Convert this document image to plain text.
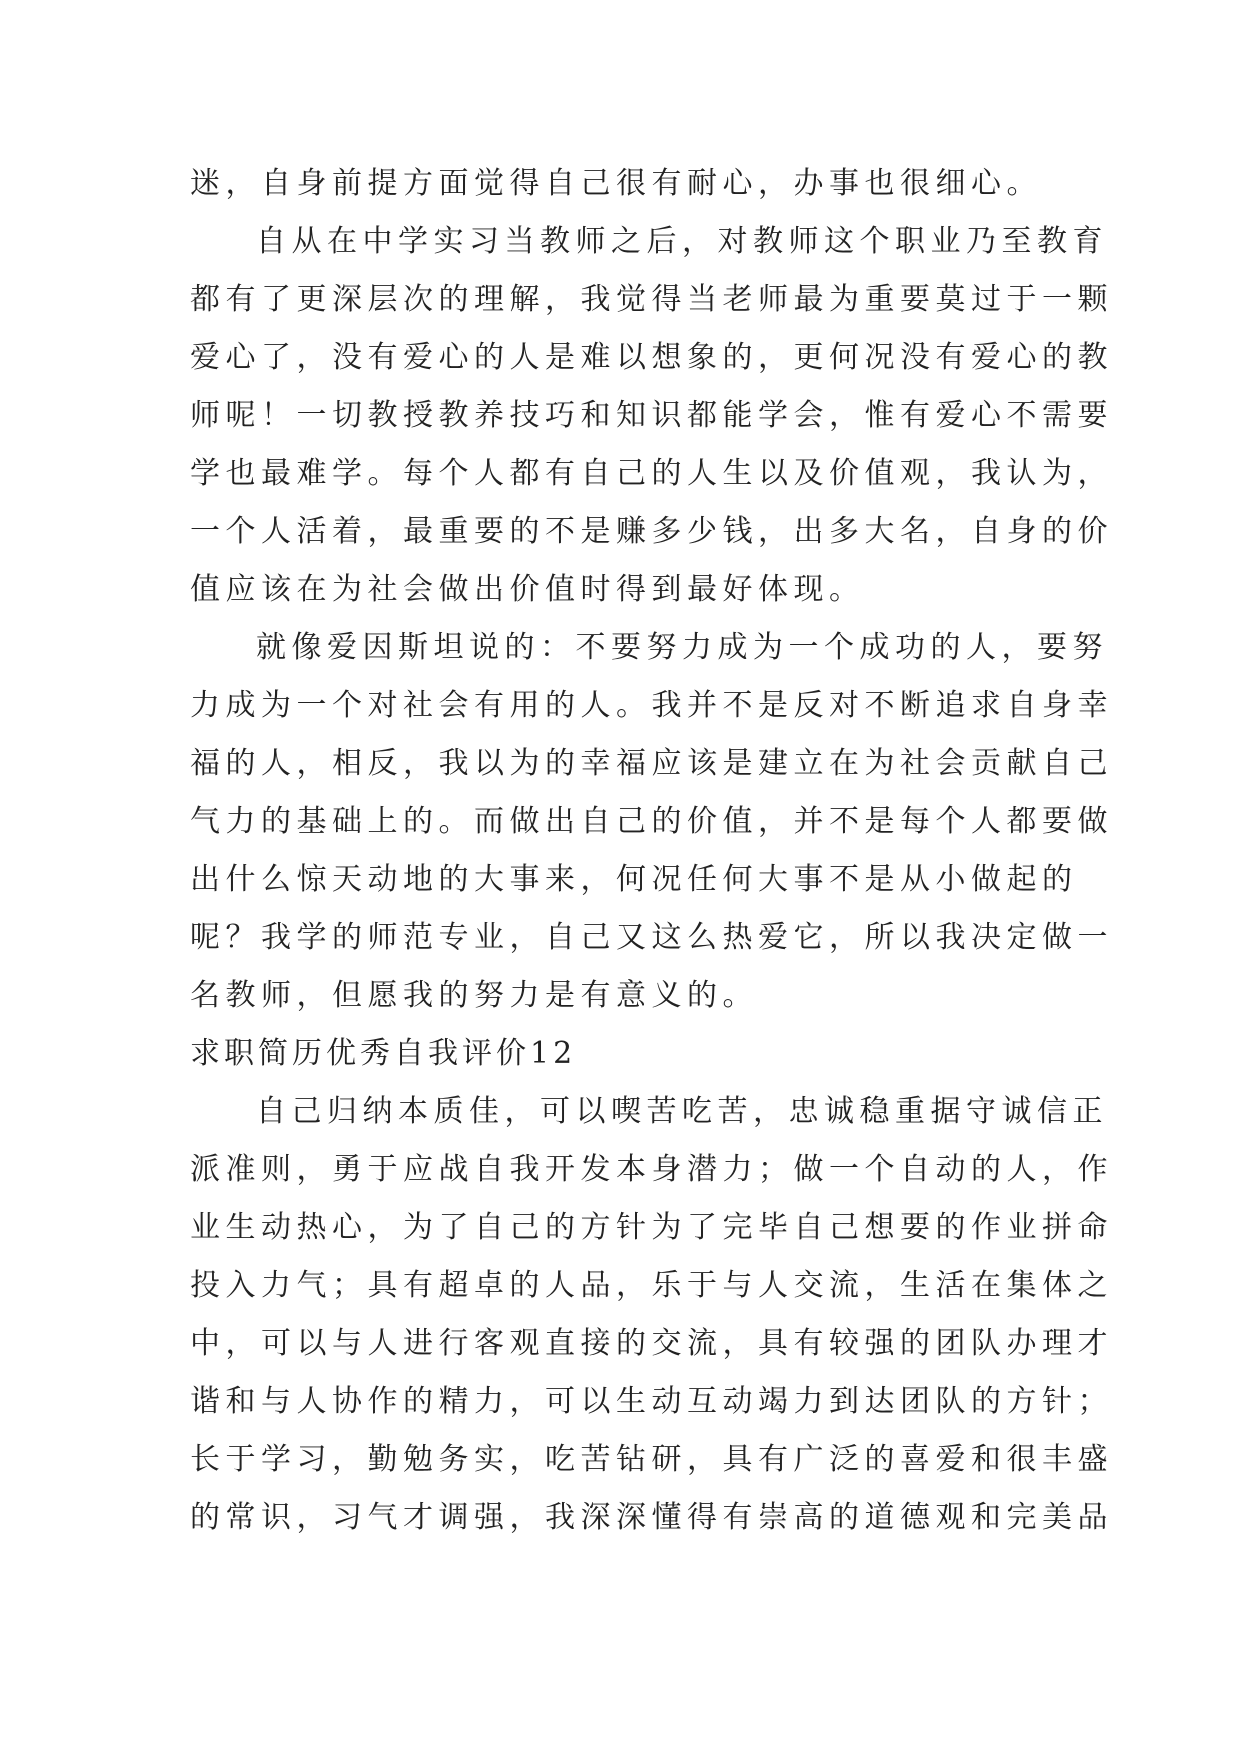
迷，自身前提方面觉得自己很有耐心，办事也很细心。
自从在中学实习当教师之后，对教师这个职业乃至教育
都有了更深层次的理解，我觉得当老师最为重要莫过于一颗
爱心了，没有爱心的人是难以想象的，更何况没有爱心的教
师呢！一切教授教养技巧和知识都能学会，惟有爱心不需要
学也最难学。每个人都有自己的人生以及价值观，我认为，
一个人活着，最重要的不是赚多少钱，出多大名，自身的价
值应该在为社会做出价值时得到最好体现。
就像爱因斯坦说的：不要努力成为一个成功的人，要努
力成为一个对社会有用的人。我并不是反对不断追求自身幸
福的人，相反，我以为的幸福应该是建立在为社会贡献自己
气力的基础上的。而做出自己的价值，并不是每个人都要做
出什么惊天动地的大事来，何况任何大事不是从小做起的
呢？我学的师范专业，自己又这么热爱它，所以我决定做一
名教师，但愿我的努力是有意义的。
求职简历优秀自我评价12
自己归纳本质佳，可以喫苦吃苦，忠诚稳重据守诚信正
派准则，勇于应战自我开发本身潜力；做一个自动的人，作
业生动热心，为了自己的方针为了完毕自己想要的作业拼命
投入力气；具有超卓的人品，乐于与人交流，生活在集体之
中，可以与人进行客观直接的交流，具有较强的团队办理才
谐和与人协作的精力，可以生动互动竭力到达团队的方针；
长于学习，勤勉务实，吃苦钻研，具有广泛的喜爱和很丰盛
的常识，习气才调强，我深深懂得有崇高的道德观和完美品
